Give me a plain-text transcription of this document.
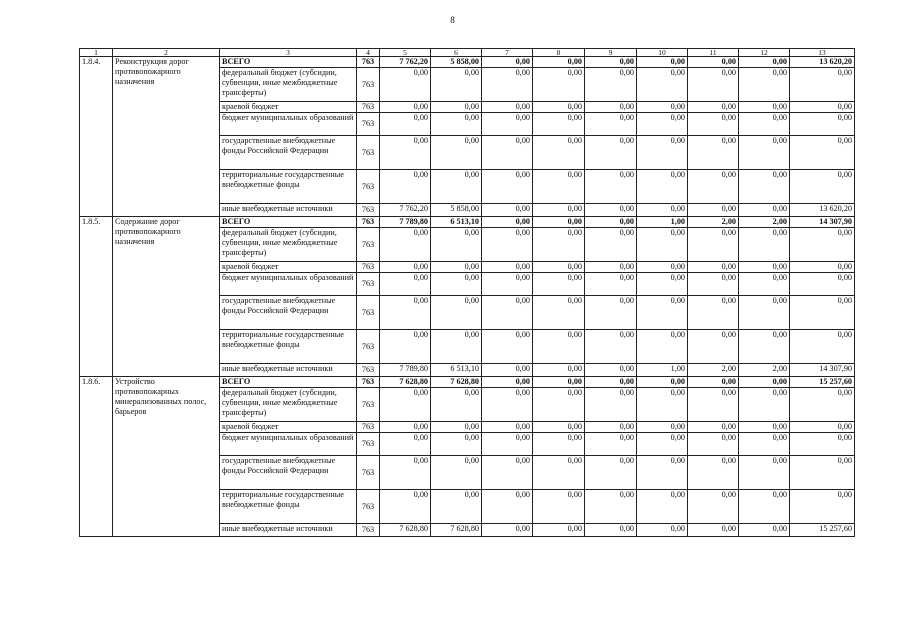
8
1	2	3	4	5	6	7	8	9	10	11	12	13
1.8.4.	Реконструкция дорог противопожарного назначения	ВСЕГО	763	7 762,20	5 858,00	0,00	0,00	0,00	0,00	0,00	0,00	13 620,20
		федеральный бюджет (субсидии, субвенции, иные межбюджетные трансферты)	763	0,00	0,00	0,00	0,00	0,00	0,00	0,00	0,00	0,00
		краевой бюджет	763	0,00	0,00	0,00	0,00	0,00	0,00	0,00	0,00	0,00
		бюджет муниципальных образований	763	0,00	0,00	0,00	0,00	0,00	0,00	0,00	0,00	0,00
		государственные внебюджетные фонды Российской Федерации	763	0,00	0,00	0,00	0,00	0,00	0,00	0,00	0,00	0,00
		территориальные государственные внебюджетные фонды	763	0,00	0,00	0,00	0,00	0,00	0,00	0,00	0,00	0,00
		иные внебюджетные источники	763	7 762,20	5 858,00	0,00	0,00	0,00	0,00	0,00	0,00	13 620,20
1.8.5.	Содержание дорог противопожарного назначения	ВСЕГО	763	7 789,80	6 513,10	0,00	0,00	0,00	1,00	2,00	2,00	14 307,90
		федеральный бюджет (субсидии, субвенции, иные межбюджетные трансферты)	763	0,00	0,00	0,00	0,00	0,00	0,00	0,00	0,00	0,00
		краевой бюджет	763	0,00	0,00	0,00	0,00	0,00	0,00	0,00	0,00	0,00
		бюджет муниципальных образований	763	0,00	0,00	0,00	0,00	0,00	0,00	0,00	0,00	0,00
		государственные внебюджетные фонды Российской Федерации	763	0,00	0,00	0,00	0,00	0,00	0,00	0,00	0,00	0,00
		территориальные государственные внебюджетные фонды	763	0,00	0,00	0,00	0,00	0,00	0,00	0,00	0,00	0,00
		иные внебюджетные источники	763	7 789,80	6 513,10	0,00	0,00	0,00	1,00	2,00	2,00	14 307,90
1.8.6.	Устройство противопожарных минерализованных полос, барьеров	ВСЕГО	763	7 628,80	7 628,80	0,00	0,00	0,00	0,00	0,00	0,00	15 257,60
		федеральный бюджет (субсидии, субвенции, иные межбюджетные трансферты)	763	0,00	0,00	0,00	0,00	0,00	0,00	0,00	0,00	0,00
		краевой бюджет	763	0,00	0,00	0,00	0,00	0,00	0,00	0,00	0,00	0,00
		бюджет муниципальных образований	763	0,00	0,00	0,00	0,00	0,00	0,00	0,00	0,00	0,00
		государственные внебюджетные фонды Российской Федерации	763	0,00	0,00	0,00	0,00	0,00	0,00	0,00	0,00	0,00
		территориальные государственные внебюджетные фонды	763	0,00	0,00	0,00	0,00	0,00	0,00	0,00	0,00	0,00
		иные внебюджетные источники	763	7 628,80	7 628,80	0,00	0,00	0,00	0,00	0,00	0,00	15 257,60
